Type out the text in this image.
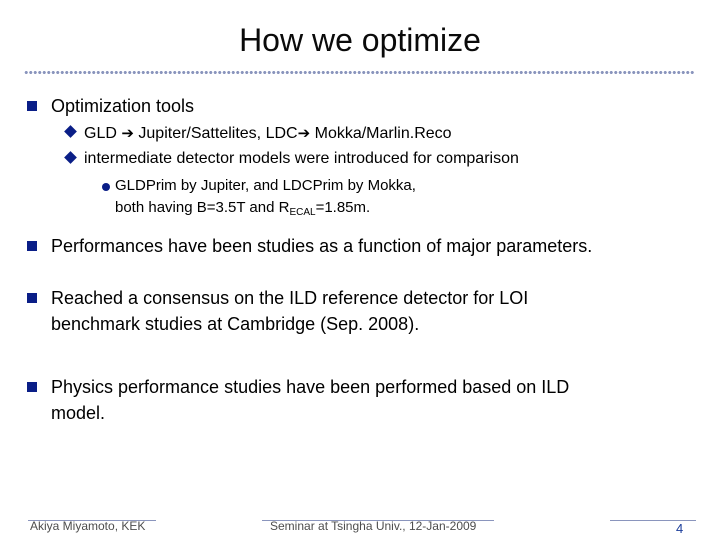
How we optimize
Optimization tools
GLD ➔ Jupiter/Sattelites, LDC➔ Mokka/Marlin.Reco
intermediate detector models were introduced for comparison
GLDPrim by Jupiter, and LDCPrim by Mokka,
both having B=3.5T and $R_{ECAL}=1.85m$.
Performances have been studies as a function of major parameters.
Reached a consensus on the ILD reference detector for LOI
benchmark studies at Cambridge (Sep. 2008).
Physics performance studies have been performed based on ILD
model.
Akiya Miyamoto, KEK	Seminar at Tsingha Univ., 12-Jan-2009	4
